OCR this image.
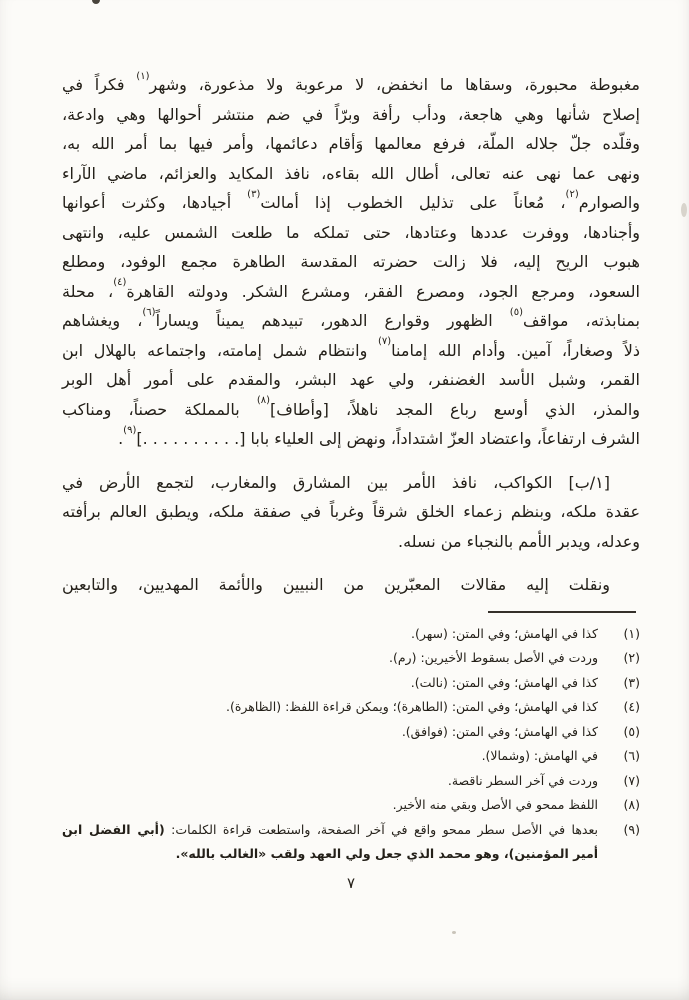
مغبوطة محبورة، وسقاها ما انخفض، لا مرعوبة ولا مذعورة، وشهر$^{(١)}$ فكراً في
إصلاح شأنها وهي هاجعة، ودأب رأفة وبرّاً في ضم منتشر أحوالها وهي وادعة،
وقلّده جلّ جلاله الملّة، فرفع معالمها وَأقام دعائمها، وأمر فيها بما أمر الله به،
ونهى عما نهى عنه تعالى، أطال الله بقاءه، نافذ المكايد والعزائم، ماضي الآراء
والصوارم$^{(٢)}$، مُعاناً على تذليل الخطوب إذا أمالت$^{(٣)}$ أجيادها، وكثرت أعوانها
وأجنادها، ووفرت عددها وعتادها، حتى تملكه ما طلعت الشمس عليه، وانتهى
هبوب الريح إليه، فلا زالت حضرته المقدسة الطاهرة مجمع الوفود، ومطلع
السعود، ومرجع الجود، ومصرع الفقر، ومشرع الشكر. ودولته القاهرة$^{(٤)}$، محلة
بمنابذته، مواقف$^{(٥)}$ الظهور وقوارع الدهور، تبيدهم يميناً ويساراً$^{(٦)}$، ويغشاهم
ذلاً وصغاراً، آمين. وأدام الله إمامنا$^{(٧)}$ وانتظام شمل إمامته، واجتماعه بالهلال ابن
القمر، وشبل الأسد الغضنفر، ولي عهد البشر، والمقدم على أمور أهل الوبر
والمذر، الذي أوسع رباع المجد ناهلاً، [وأطاف]$^{(٨)}$ بالمملكة حصناً، ومناكب
الشرف ارتفاعاً، واعتضاد العزّ اشتداداً، ونهض إلى العلياء بابا [. . . . . . . . . .]$^{(٩)}$.
[١/ب] الكواكب، نافذ الأمر بين المشارق والمغارب، لتجمع الأرض في
عقدة ملكه، وبنظم زعماء الخلق شرقاً وغرباً في صفقة ملكه، ويطبق العالم برأفته
وعدله، ويدبر الأمم بالنجباء من نسله.
ونقلت إليه مقالات المعبّرين من النبيين والأئمة المهديين، والتابعين
(١)
كذا في الهامش؛ وفي المتن: (سهر).
(٢)
وردت في الأصل بسقوط الأخيرين: (رم).
(٣)
كذا في الهامش؛ وفي المتن: (نالت).
(٤)
كذا في الهامش؛ وفي المتن: (الطاهرة)؛ ويمكن قراءة اللفظ: (الظاهرة).
(٥)
كذا في الهامش؛ وفي المتن: (فوافق).
(٦)
في الهامش: (وشمالا).
(٧)
وردت في آخر السطر ناقصة.
(٨)
اللفظ ممحو في الأصل وبقي منه الأخير.
(٩)
بعدها في الأصل سطر ممحو واقع في آخر الصفحة، واستطعت قراءة الكلمات: (أبي الفضل ابن
أمير المؤمنين)، وهو محمد الذي جعل ولي العهد ولقب «الغالب بالله».
٧
